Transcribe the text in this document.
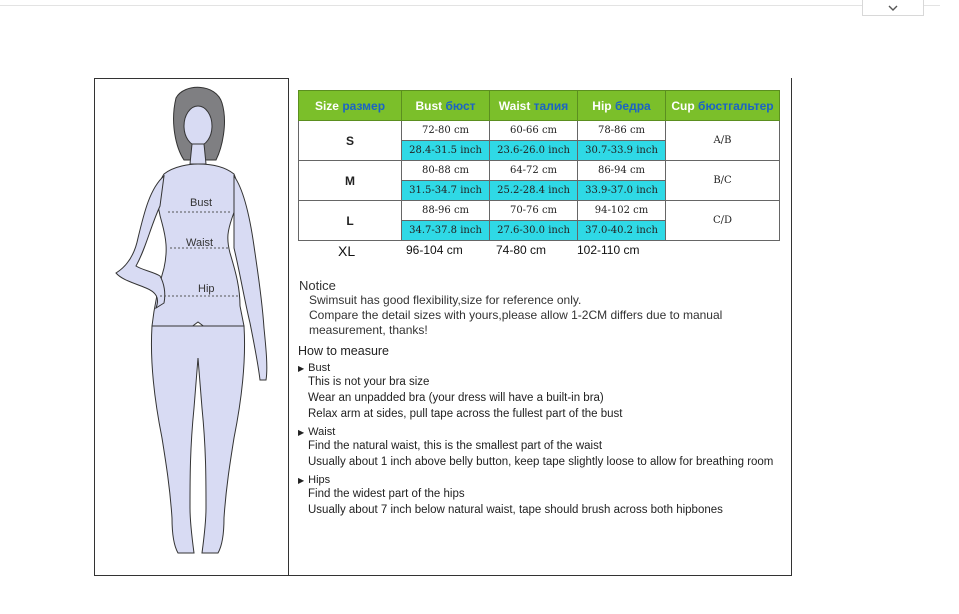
Bust
Waist
Hip
Size размер	Bust бюст	Waist талия	Hip бедра	Cup бюстгальтер
S	72-80 cm	60-66 cm	78-86 cm	A/B
	28.4-31.5 inch	23.6-26.0 inch	30.7-33.9 inch	
M	80-88 cm	64-72 cm	86-94 cm	B/C
	31.5-34.7 inch	25.2-28.4 inch	33.9-37.0 inch	
L	88-96 cm	70-76 cm	94-102 cm	C/D
	34.7-37.8 inch	27.6-30.0 inch	37.0-40.2 inch	
XL	96-104 cm	74-80 cm	102-110 cm
Notice
Swimsuit has good flexibility,size for reference only.
Compare the detail sizes with yours,please allow 1-2CM differs due to manual
measurement, thanks!
How to measure
▶ Bust
This is not your bra size
Wear an unpadded bra (your dress will have a built-in bra)
Relax arm at sides, pull tape across the fullest part of the bust
▶ Waist
Find the natural waist, this is the smallest part of the waist
Usually about 1 inch above belly button, keep tape slightly loose to allow for breathing room
▶ Hips
Find the widest part of the hips
Usually about 7 inch below natural waist, tape should brush across both hipbones
